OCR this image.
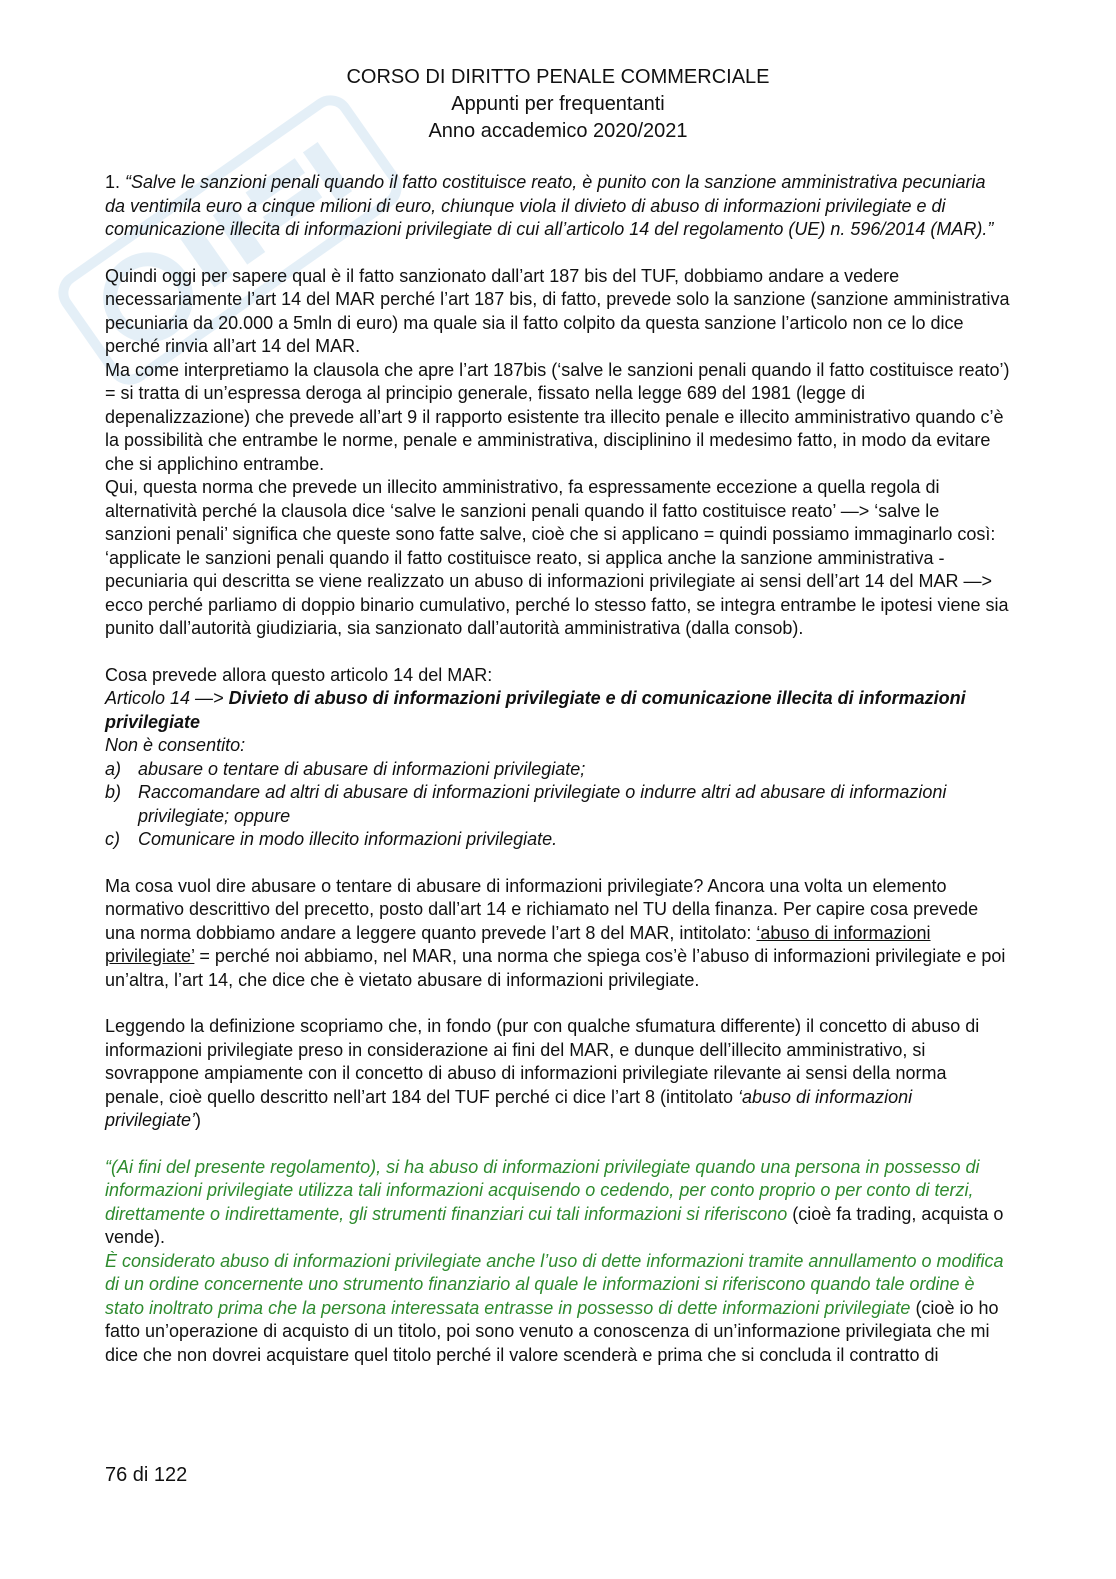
CORSO DI DIRITTO PENALE COMMERCIALE
Appunti per frequentanti
Anno accademico 2020/2021

1. “Salve le sanzioni penali quando il fatto costituisce reato, è punito con la sanzione amministrativa pecuniaria da ventimila euro a cinque milioni di euro, chiunque viola il divieto di abuso di informazioni privilegiate e di comunicazione illecita di informazioni privilegiate di cui all’articolo 14 del regolamento (UE) n. 596/2014 (MAR).”

Quindi oggi per sapere qual è il fatto sanzionato dall’art 187 bis del TUF, dobbiamo andare a vedere necessariamente l’art 14 del MAR perché l’art 187 bis, di fatto, prevede solo la sanzione (sanzione amministrativa pecuniaria da 20.000 a 5mln di euro) ma quale sia il fatto colpito da questa sanzione l’articolo non ce lo dice perché rinvia all’art 14 del MAR.

Ma come interpretiamo la clausola che apre l’art 187bis (‘salve le sanzioni penali quando il fatto costituisce reato’) = si tratta di un’espressa deroga al principio generale, fissato nella legge 689 del 1981 (legge di depenalizzazione) che prevede all’art 9 il rapporto esistente tra illecito penale e illecito amministrativo quando c’è la possibilità che entrambe le norme, penale e amministrativa, disciplinino il medesimo fatto, in modo da evitare che si applichino entrambe.

Qui, questa norma che prevede un illecito amministrativo, fa espressamente eccezione a quella regola di alternatività perché la clausola dice ‘salve le sanzioni penali quando il fatto costituisce reato’ —> ‘salve le sanzioni penali’ significa che queste sono fatte salve, cioè che si applicano = quindi possiamo immaginarlo così: ‘applicate le sanzioni penali quando il fatto costituisce reato, si applica anche la sanzione amministrativa - pecuniaria qui descritta se viene realizzato un abuso di informazioni privilegiate ai sensi dell’art 14 del MAR —> ecco perché parliamo di doppio binario cumulativo, perché lo stesso fatto, se integra entrambe le ipotesi viene sia punito dall’autorità giudiziaria, sia sanzionato dall’autorità amministrativa (dalla consob).

Cosa prevede allora questo articolo 14 del MAR:

Articolo 14 —> Divieto di abuso di informazioni privilegiate e di comunicazione illecita di informazioni privilegiate

Non è consentito:

a) abusare o tentare di abusare di informazioni privilegiate;
b) Raccomandare ad altri di abusare di informazioni privilegiate o indurre altri ad abusare di informazioni privilegiate; oppure
c)	Comunicare in modo illecito informazioni privilegiate.

Ma cosa vuol dire abusare o tentare di abusare di informazioni privilegiate? Ancora una volta un elemento normativo descrittivo del precetto, posto dall’art 14 e richiamato nel TU della finanza. Per capire cosa prevede una norma dobbiamo andare a leggere quanto prevede l’art 8 del MAR, intitolato: ‘abuso di informazioni privilegiate’ = perché noi abbiamo, nel MAR, una norma che spiega cos’è l’abuso di informazioni privilegiate e poi un’altra, l’art 14, che dice che è vietato abusare di informazioni privilegiate.

Leggendo la definizione scopriamo che, in fondo (pur con qualche sfumatura differente) il concetto di abuso di informazioni privilegiate preso in considerazione ai fini del MAR, e dunque dell’illecito amministrativo, si sovrappone ampiamente con il concetto di abuso di informazioni privilegiate rilevante ai sensi della norma penale, cioè quello descritto nell’art 184 del TUF perché ci dice l’art 8 (intitolato ‘abuso di informazioni privilegiate’)

“(Ai fini del presente regolamento), si ha abuso di informazioni privilegiate quando una persona in possesso di informazioni privilegiate utilizza tali informazioni acquisendo o cedendo, per conto proprio o per conto di terzi, direttamente o indirettamente, gli strumenti finanziari cui tali informazioni si riferiscono (cioè fa trading, acquista o vende).

È considerato abuso di informazioni privilegiate anche l’uso di dette informazioni tramite annullamento o modifica di un ordine concernente uno strumento finanziario al quale le informazioni si riferiscono quando tale ordine è stato inoltrato prima che la persona interessata entrasse in possesso di dette informazioni privilegiate (cioè io ho fatto un’operazione di acquisto di un titolo, poi sono venuto a conoscenza di un’informazione privilegiata che mi dice che non dovrei acquistare quel titolo perché il valore scenderà e prima che si concluda il contratto di

76 di 122
